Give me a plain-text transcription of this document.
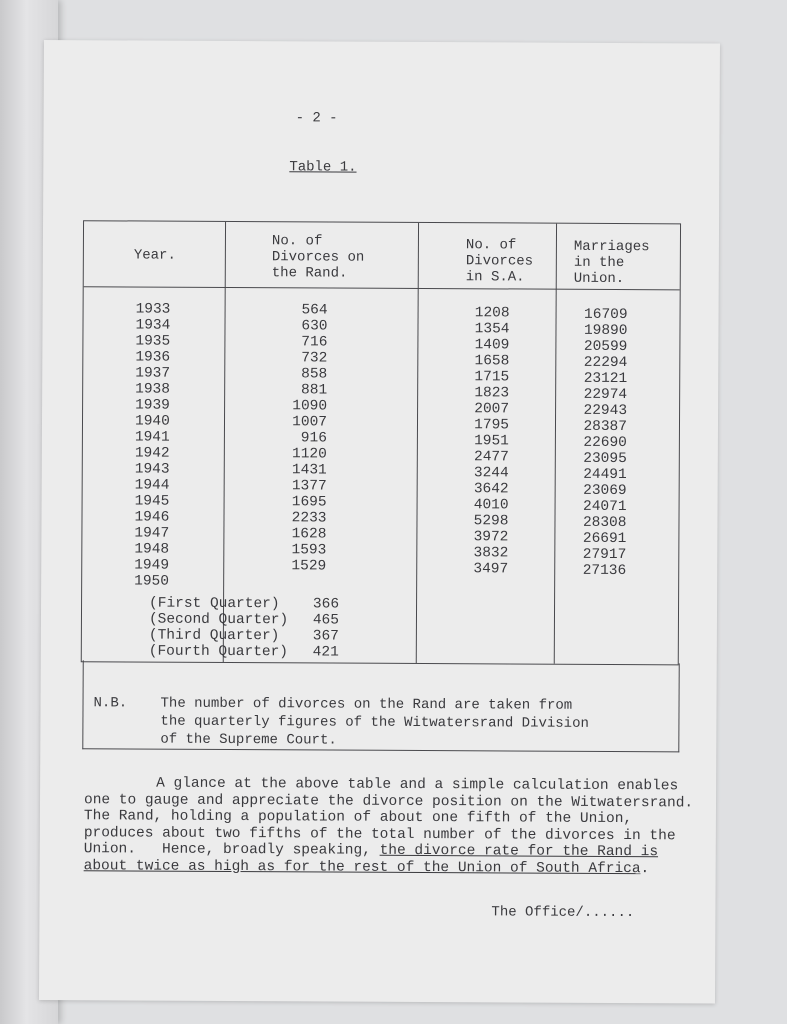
- 2 -
Table 1.
Year.
No. of
Divorces on
the Rand.
No. of
Divorces
in S.A.
Marriages
in the
Union.
1933
1934
1935
1936
1937
1938
1939
1940
1941
1942
1943
1944
1945
1946
1947
1948
1949
1950
564
630
716
732
858
881
1090
1007
916
1120
1431
1377
1695
2233
1628
1593
1529
1208
1354
1409
1658
1715
1823
2007
1795
1951
2477
3244
3642
4010
5298
3972
3832
3497
16709
19890
20599
22294
23121
22974
22943
28387
22690
23095
24491
23069
24071
28308
26691
27917
27136
(First Quarter) 366
(Second Quarter) 465
(Third Quarter) 367
(Fourth Quarter) 421
N.B. The number of divorces on the Rand are taken from
the quarterly figures of the Witwatersrand Division
of the Supreme Court.
A glance at the above table and a simple calculation enables
one to gauge and appreciate the divorce position on the Witwatersrand.
The Rand, holding a population of about one fifth of the Union,
produces about two fifths of the total number of the divorces in the
Union.   Hence, broadly speaking, the divorce rate for the Rand is
about twice as high as for the rest of the Union of South Africa.
The Office/......
